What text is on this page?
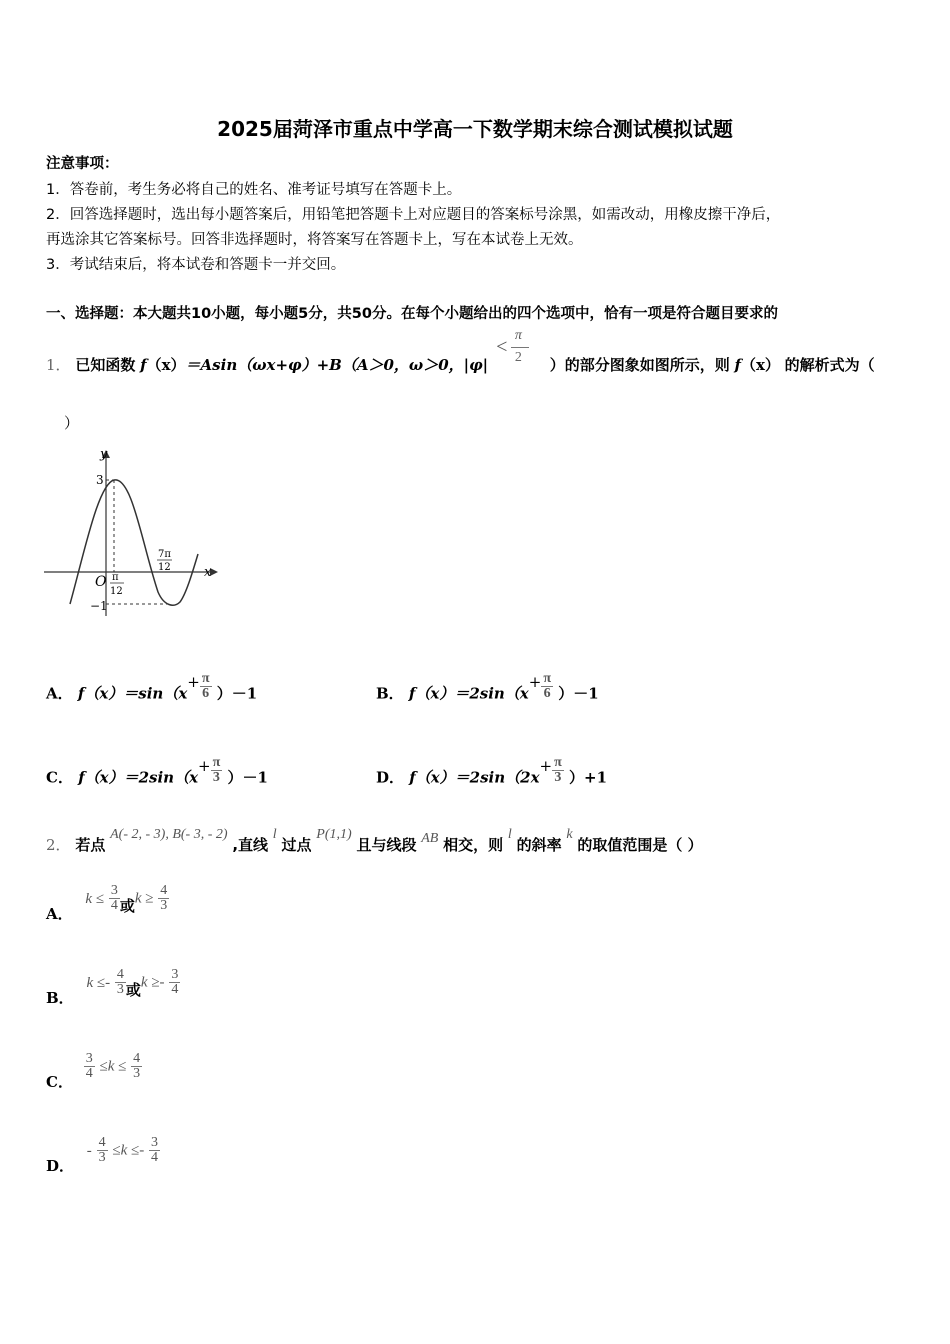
2025届菏泽市重点中学高一下数学期末综合测试模拟试题
注意事项：
1．答卷前，考生务必将自己的姓名、准考证号填写在答题卡上。
2．回答选择题时，选出每小题答案后，用铅笔把答题卡上对应题目的答案标号涂黑，如需改动，用橡皮擦干净后，
再选涂其它答案标号。回答非选择题时，将答案写在答题卡上，写在本试卷上无效。
3．考试结束后，将本试卷和答题卡一并交回。
一、选择题：本大题共10小题，每小题5分，共50分。在每个小题给出的四个选项中，恰有一项是符合题目要求的
1． 已知函数 f（x）＝Asin（ωx+φ）+B（A＞0，ω＞0，|φ|
<
π
2 ）的部分图象如图所示，则 f（x） 的解析式为（
）
y
x
O
3
−1
π
12
7π
12
A． $f(x)=\sin(x+ \frac{\pi}{6} )-1$	B． $f(x)=2\sin(x+ \frac{\pi}{6} )-1$
C． $f(x)=2\sin(x+ \frac{\pi}{3} )-1$	D． $f(x)=2\sin(2x+ \frac{\pi}{3} )+1$
2． 若点 A(- 2, - 3), B(- 3, - 2) ,直线 l 过点 P(1,1) 且与线段 AB 相交，则 l 的斜率 k 的取值范围是（ ）
A． $k \le \frac{3}{4}$ 或$k \ge \frac{4}{3}$
B． $k \le- \frac{4}{3}$ 或$k \ge- \frac{3}{4}$
C．
$\frac{3}{4} \le k \le \frac{4}{3}$
D． - $\frac{4}{3} \le k \le- \frac{3}{4}$
